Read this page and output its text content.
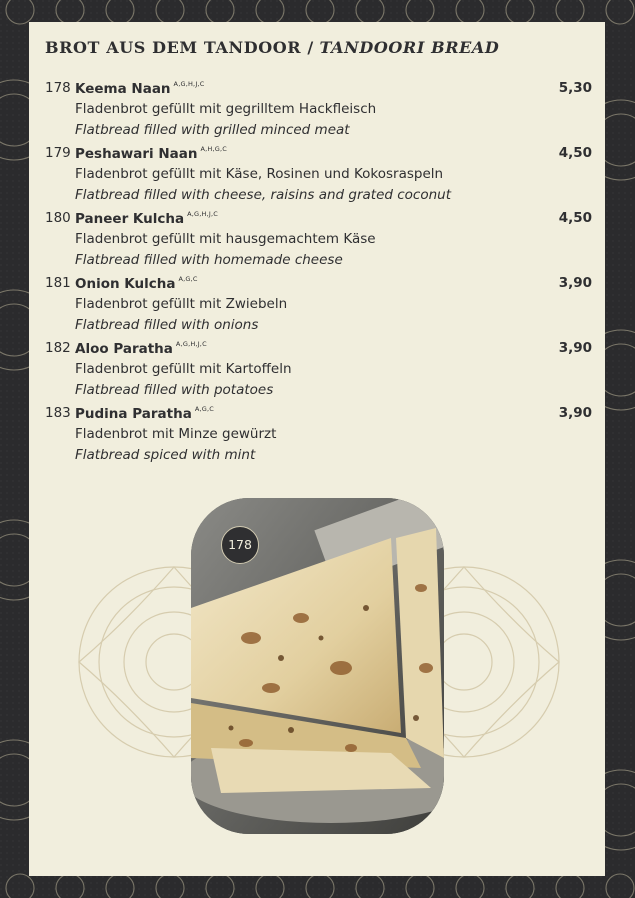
BROT AUS DEM TANDOOR / TANDOORI BREAD
178 Keema Naan $^{A,G,H,J,C}$
Fladenbrot gefüllt mit gegrilltem Hackfleisch
Flatbread filled with grilled minced meat
5,30
179 Peshawari Naan $^{A,H,G,C}$
Fladenbrot gefüllt mit Käse, Rosinen und Kokosraspeln
Flatbread filled with cheese, raisins and grated coconut
4,50
180 Paneer Kulcha $^{A,G,H,J,C}$
Fladenbrot gefüllt mit hausgemachtem Käse
Flatbread filled with homemade cheese
4,50
181 Onion Kulcha $^{A,G,C}$
Fladenbrot gefüllt mit Zwiebeln
Flatbread filled with onions
3,90
182 Aloo Paratha $^{A,G,H,J,C}$
Fladenbrot gefüllt mit Kartoffeln
Flatbread filled with potatoes
3,90
183 Pudina Paratha $^{A,G,C}$
Fladenbrot mit Minze gewürzt
Flatbread spiced with mint
3,90
178
